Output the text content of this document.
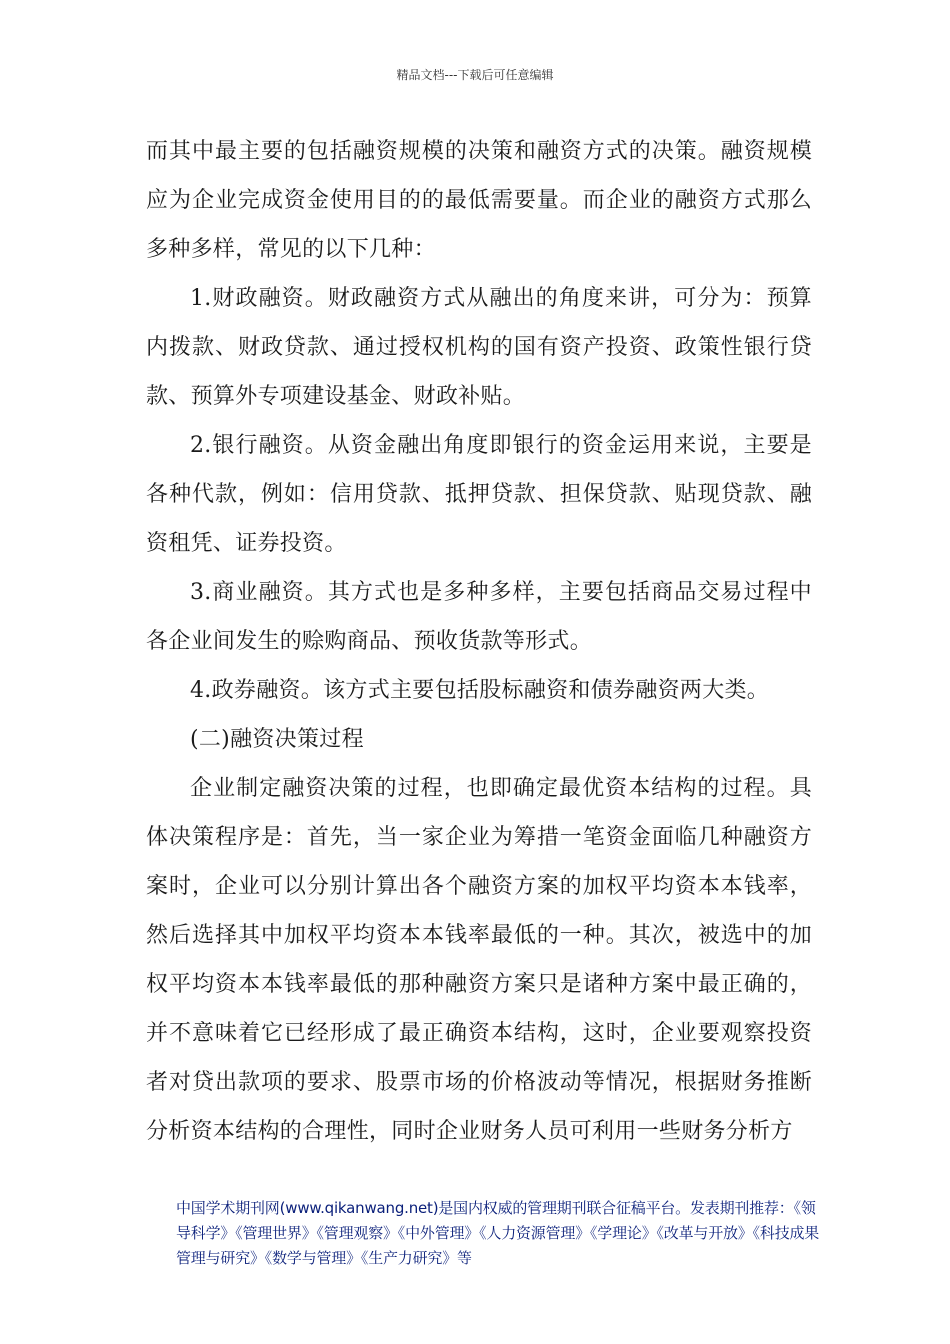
精品文档---下载后可任意编辑

而其中最主要的包括融资规模的决策和融资方式的决策。融资规模应为企业完成资金使用目的的最低需要量。而企业的融资方式那么多种多样，常见的以下几种：

1.财政融资。财政融资方式从融出的角度来讲，可分为：预算内拨款、财政贷款、通过授权机构的国有资产投资、政策性银行贷款、预算外专项建设基金、财政补贴。

2.银行融资。从资金融出角度即银行的资金运用来说，主要是各种代款，例如：信用贷款、抵押贷款、担保贷款、贴现贷款、融资租凭、证券投资。

3.商业融资。其方式也是多种多样，主要包括商品交易过程中各企业间发生的赊购商品、预收货款等形式。

4.政券融资。该方式主要包括股标融资和债券融资两大类。

(二)融资决策过程

企业制定融资决策的过程，也即确定最优资本结构的过程。具体决策程序是：首先，当一家企业为筹措一笔资金面临几种融资方案时，企业可以分别计算出各个融资方案的加权平均资本本钱率，然后选择其中加权平均资本本钱率最低的一种。其次，被选中的加权平均资本本钱率最低的那种融资方案只是诸种方案中最正确的，并不意味着它已经形成了最正确资本结构，这时，企业要观察投资者对贷出款项的要求、股票市场的价格波动等情况，根据财务推断分析资本结构的合理性，同时企业财务人员可利用一些财务分析方

中国学术期刊网(www.qikanwang.net)是国内权威的管理期刊联合征稿平台。发表期刊推荐：《领导科学》《管理世界》《管理观察》《中外管理》《人力资源管理》《学理论》《改革与开放》《科技成果管理与研究》《数学与管理》《生产力研究》等
